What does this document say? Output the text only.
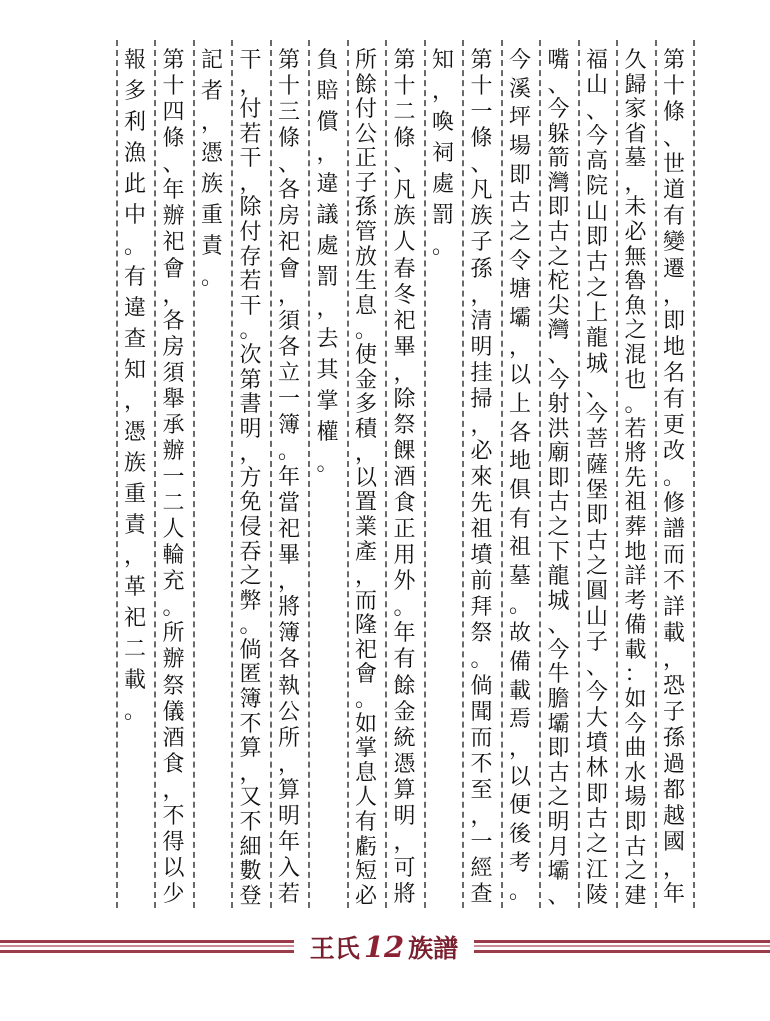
第
十
條
、
世
道
有
變
遷
，
即
地
名
有
更
改
。
修
譜
而
不
詳
載
，
恐
子
孫
過
都
越
國
，
年
久
歸
家
省
墓
，
未
必
無
魯
魚
之
混
也
。
若
將
先
祖
葬
地
詳
考
備
載
：
如
今
曲
水
場
即
古
之
建
福
山
、
今
高
院
山
即
古
之
上
龍
城
、
今
菩
薩
堡
即
古
之
圓
山
子
、
今
大
墳
林
即
古
之
江
陵
嘴
、
今
躲
箭
灣
即
古
之
柁
尖
灣
、
今
射
洪
廟
即
古
之
下
龍
城
、
今
牛
膽
壩
即
古
之
明
月
壩
、
今
溪
坪
場
即
古
之
令
塘
壩
，
以
上
各
地
俱
有
祖
墓
。
故
備
載
焉
，
以
便
後
考
。
第
十
一
條
、
凡
族
子
孫
，
清
明
挂
掃
，
必
來
先
祖
墳
前
拜
祭
。
倘
聞
而
不
至
，
一
經
查
知
，
喚
祠
處
罰
。
第
十
二
條
、
凡
族
人
春
冬
祀
畢
，
除
祭
餜
酒
食
正
用
外
。
年
有
餘
金
統
憑
算
明
，
可
將
所
餘
付
公
正
子
孫
管
放
生
息
。
使
金
多
積
，
以
置
業
產
，
而
隆
祀
會
。
如
掌
息
人
有
虧
短
必
負
賠
償
，
違
議
處
罰
，
去
其
掌
權
。
第
十
三
條
、
各
房
祀
會
，
須
各
立
一
簿
。
年
當
祀
畢
，
將
簿
各
執
公
所
，
算
明
年
入
若
干
，
付
若
干
，
除
付
存
若
干
。
次
第
書
明
，
方
免
侵
吞
之
弊
。
倘
匿
簿
不
算
，
又
不
細
數
登
記
者
，
憑
族
重
責
。
第
十
四
條
、
年
辦
祀
會
，
各
房
須
舉
承
辦
一
二
人
輪
充
。
所
辦
祭
儀
酒
食
，
不
得
以
少
報
多
利
漁
此
中
。
有
違
查
知
，
憑
族
重
責
，
革
祀
二
載
。
王氏 12 族譜
